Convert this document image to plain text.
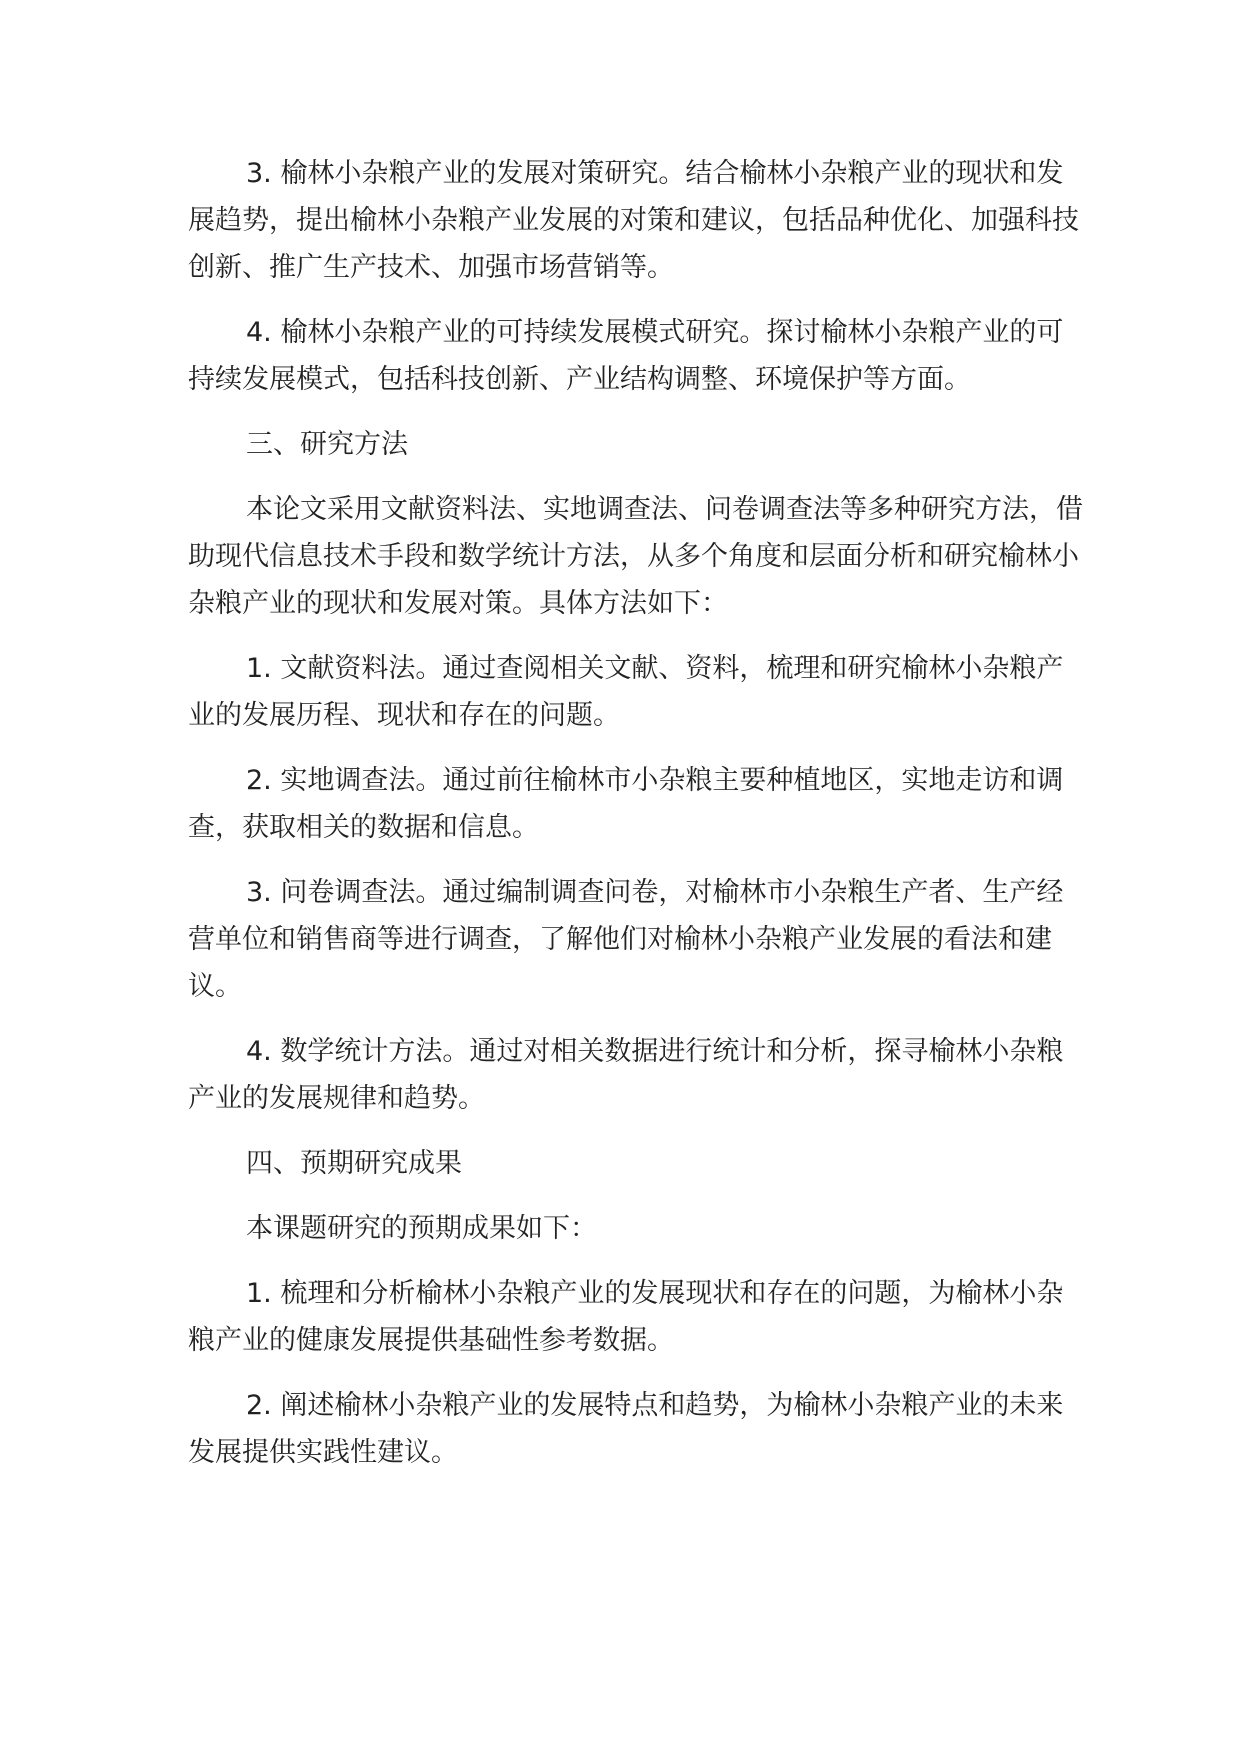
3. 榆林小杂粮产业的发展对策研究。结合榆林小杂粮产业的现状和发展趋势，提出榆林小杂粮产业发展的对策和建议，包括品种优化、加强科技创新、推广生产技术、加强市场营销等。

4. 榆林小杂粮产业的可持续发展模式研究。探讨榆林小杂粮产业的可持续发展模式，包括科技创新、产业结构调整、环境保护等方面。

三、研究方法

本论文采用文献资料法、实地调查法、问卷调查法等多种研究方法，借助现代信息技术手段和数学统计方法，从多个角度和层面分析和研究榆林小杂粮产业的现状和发展对策。具体方法如下：

1. 文献资料法。通过查阅相关文献、资料，梳理和研究榆林小杂粮产业的发展历程、现状和存在的问题。

2. 实地调查法。通过前往榆林市小杂粮主要种植地区，实地走访和调查，获取相关的数据和信息。

3. 问卷调查法。通过编制调查问卷，对榆林市小杂粮生产者、生产经营单位和销售商等进行调查，了解他们对榆林小杂粮产业发展的看法和建议。

4. 数学统计方法。通过对相关数据进行统计和分析，探寻榆林小杂粮产业的发展规律和趋势。

四、预期研究成果

本课题研究的预期成果如下：

1. 梳理和分析榆林小杂粮产业的发展现状和存在的问题，为榆林小杂粮产业的健康发展提供基础性参考数据。

2. 阐述榆林小杂粮产业的发展特点和趋势，为榆林小杂粮产业的未来发展提供实践性建议。
